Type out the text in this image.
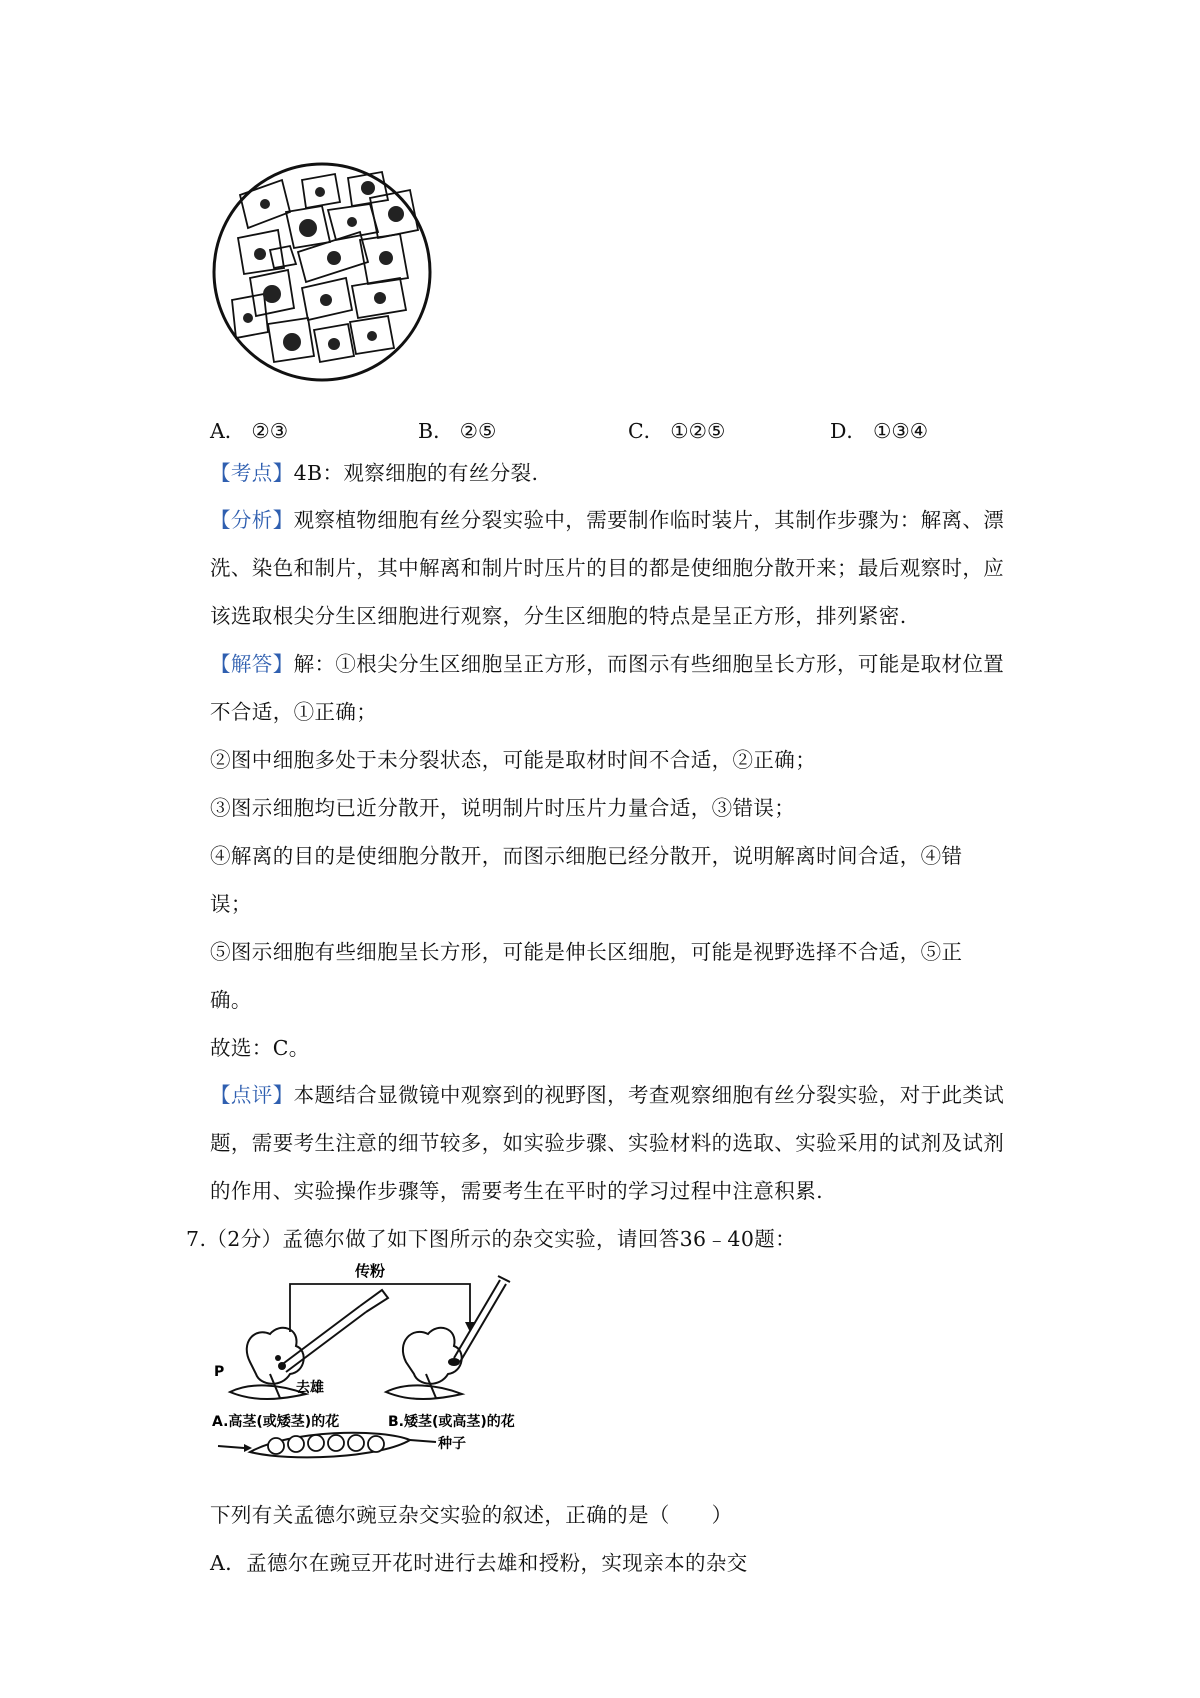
A． ②③	B． ②⑤	C． ①②⑤	D． ①③④
【考点】4B：观察细胞的有丝分裂.
【分析】观察植物细胞有丝分裂实验中，需要制作临时装片，其制作步骤为：解离、漂
洗、染色和制片，其中解离和制片时压片的目的都是使细胞分散开来；最后观察时，应
该选取根尖分生区细胞进行观察，分生区细胞的特点是呈正方形，排列紧密.
【解答】解：①根尖分生区细胞呈正方形，而图示有些细胞呈长方形，可能是取材位置
不合适，①正确；
②图中细胞多处于未分裂状态，可能是取材时间不合适，②正确；
③图示细胞均已近分散开，说明制片时压片力量合适，③错误；
④解离的目的是使细胞分散开，而图示细胞已经分散开，说明解离时间合适，④错
误；
⑤图示细胞有些细胞呈长方形，可能是伸长区细胞，可能是视野选择不合适，⑤正
确。
故选：C。
【点评】本题结合显微镜中观察到的视野图，考查观察细胞有丝分裂实验，对于此类试
题，需要考生注意的细节较多，如实验步骤、实验材料的选取、实验采用的试剂及试剂
的作用、实验操作步骤等，需要考生在平时的学习过程中注意积累.
7.（2分）孟德尔做了如下图所示的杂交实验，请回答36﹣40题：
传粉
P
去雄
A.高茎(或矮茎)的花	B.矮茎(或高茎)的花
种子
下列有关孟德尔豌豆杂交实验的叙述，正确的是（　　）
A．孟德尔在豌豆开花时进行去雄和授粉，实现亲本的杂交
